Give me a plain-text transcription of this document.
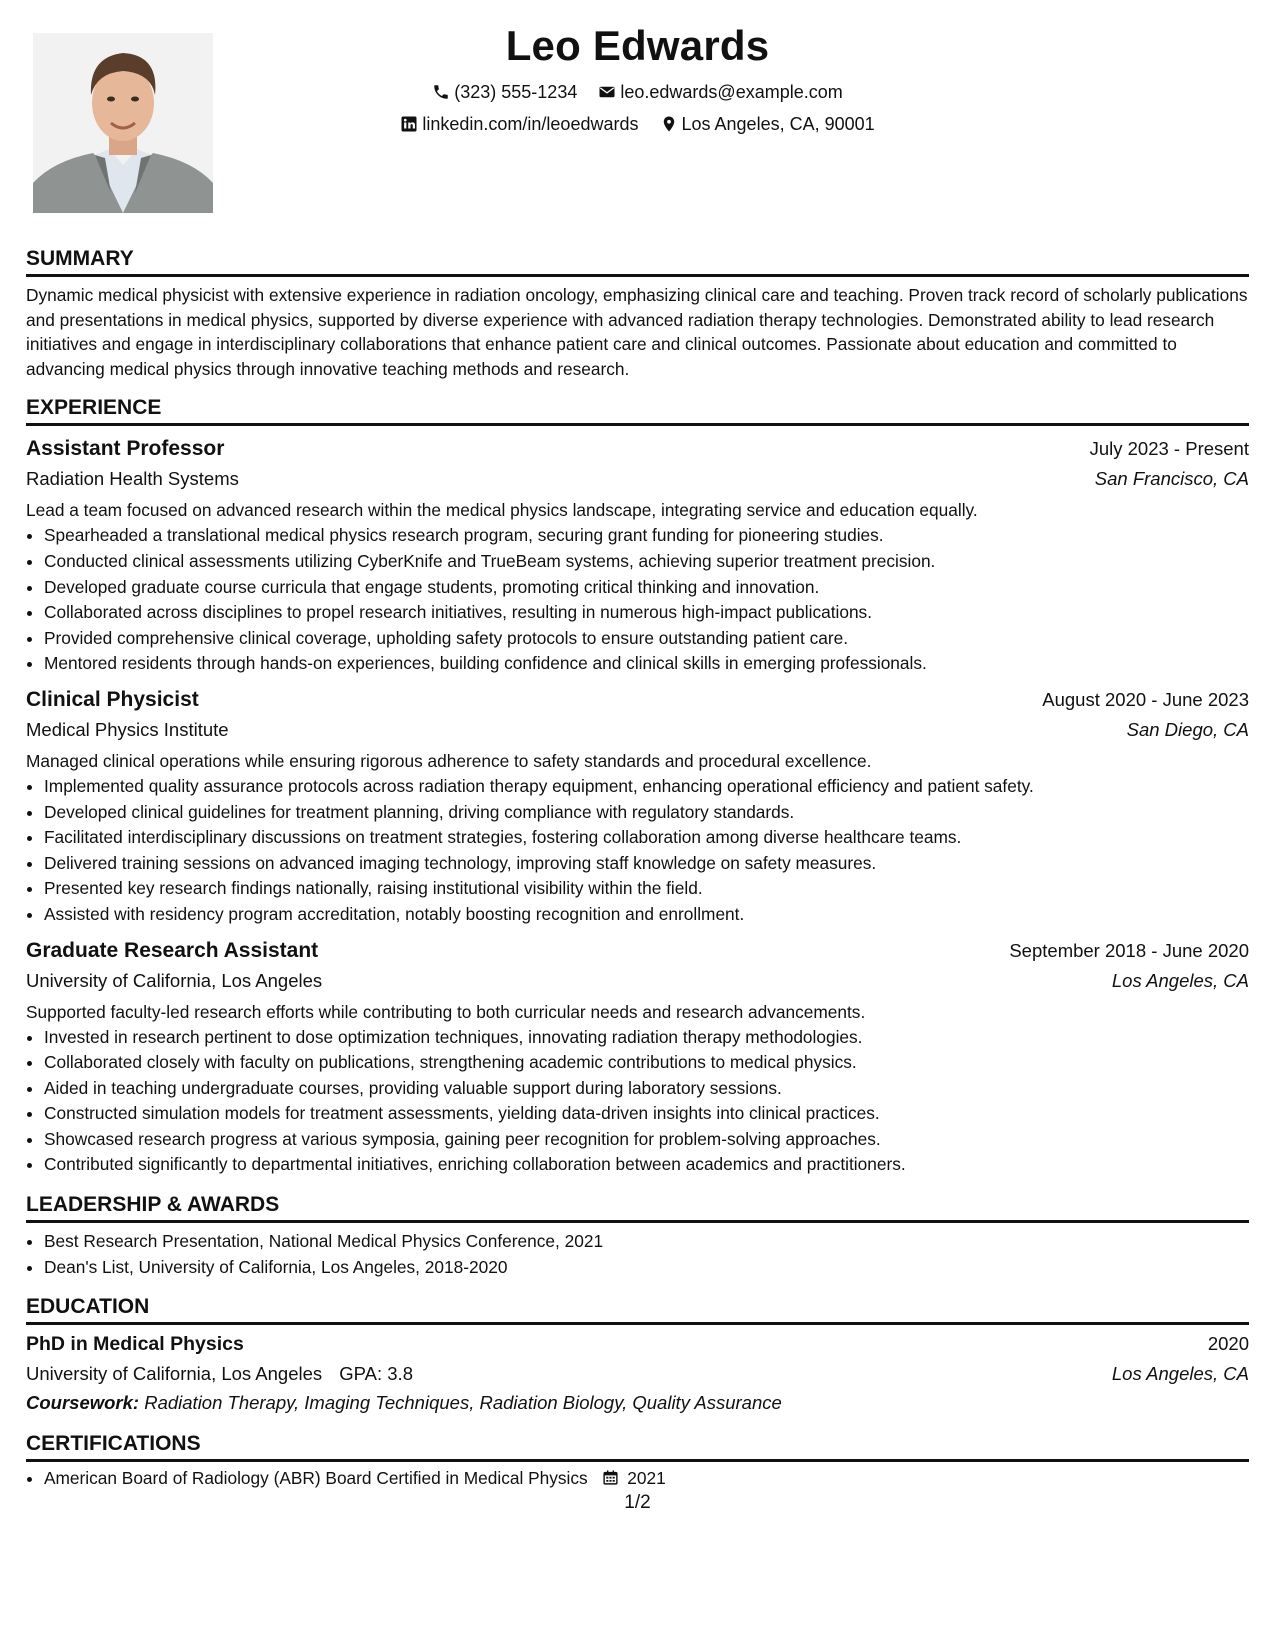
Leo Edwards
(323) 555-1234
leo.edwards@example.com
linkedin.com/in/leoedwards
Los Angeles, CA, 90001
SUMMARY

Dynamic medical physicist with extensive experience in radiation oncology, emphasizing clinical care and teaching. Proven track record of scholarly publications and presentations in medical physics, supported by diverse experience with advanced radiation therapy technologies. Demonstrated ability to lead research initiatives and engage in interdisciplinary collaborations that enhance patient care and clinical outcomes. Passionate about education and committed to advancing medical physics through innovative teaching methods and research.

EXPERIENCE
Assistant Professor	July 2023 - Present
Radiation Health Systems	San Francisco, CA
Lead a team focused on advanced research within the medical physics landscape, integrating service and education equally.
• Spearheaded a translational medical physics research program, securing grant funding for pioneering studies.
• Conducted clinical assessments utilizing CyberKnife and TrueBeam systems, achieving superior treatment precision.
• Developed graduate course curricula that engage students, promoting critical thinking and innovation.
• Collaborated across disciplines to propel research initiatives, resulting in numerous high-impact publications.
• Provided comprehensive clinical coverage, upholding safety protocols to ensure outstanding patient care.
• Mentored residents through hands-on experiences, building confidence and clinical skills in emerging professionals.
Clinical Physicist	August 2020 - June 2023
Medical Physics Institute	San Diego, CA
Managed clinical operations while ensuring rigorous adherence to safety standards and procedural excellence.
• Implemented quality assurance protocols across radiation therapy equipment, enhancing operational efficiency and patient safety.
• Developed clinical guidelines for treatment planning, driving compliance with regulatory standards.
• Facilitated interdisciplinary discussions on treatment strategies, fostering collaboration among diverse healthcare teams.
• Delivered training sessions on advanced imaging technology, improving staff knowledge on safety measures.
• Presented key research findings nationally, raising institutional visibility within the field.
• Assisted with residency program accreditation, notably boosting recognition and enrollment.
Graduate Research Assistant	September 2018 - June 2020
University of California, Los Angeles	Los Angeles, CA
Supported faculty-led research efforts while contributing to both curricular needs and research advancements.
• Invested in research pertinent to dose optimization techniques, innovating radiation therapy methodologies.
• Collaborated closely with faculty on publications, strengthening academic contributions to medical physics.
• Aided in teaching undergraduate courses, providing valuable support during laboratory sessions.
• Constructed simulation models for treatment assessments, yielding data-driven insights into clinical practices.
• Showcased research progress at various symposia, gaining peer recognition for problem-solving approaches.
• Contributed significantly to departmental initiatives, enriching collaboration between academics and practitioners.
LEADERSHIP & AWARDS
• Best Research Presentation, National Medical Physics Conference, 2021
• Dean's List, University of California, Los Angeles, 2018-2020
EDUCATION
PhD in Medical Physics	2020
University of California, Los Angeles GPA: 3.8	Los Angeles, CA
Coursework: Radiation Therapy, Imaging Techniques, Radiation Biology, Quality Assurance
CERTIFICATIONS
• American Board of Radiology (ABR) Board Certified in Medical Physics 2021
1/2
